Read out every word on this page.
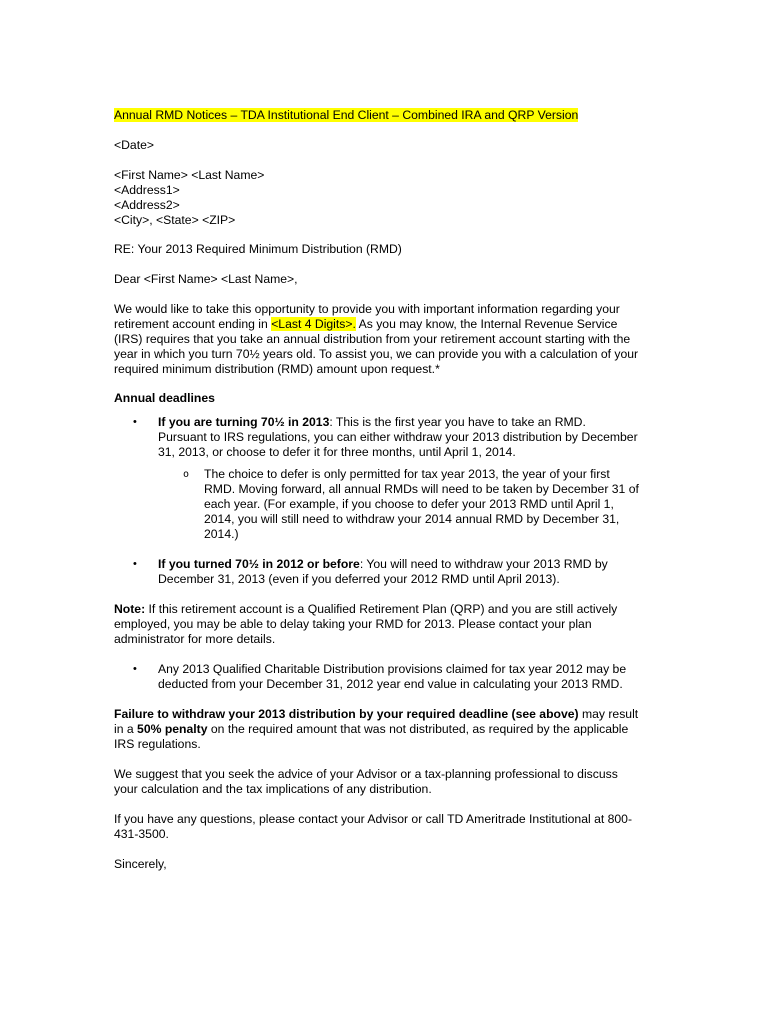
Annual RMD Notices – TDA Institutional End Client – Combined IRA and QRP Version
<Date>
<First Name> <Last Name>
<Address1>
<Address2>
<City>, <State> <ZIP>
RE: Your 2013 Required Minimum Distribution (RMD)
Dear <First Name> <Last Name>,
We would like to take this opportunity to provide you with important information regarding your
retirement account ending in <Last 4 Digits>. As you may know, the Internal Revenue Service
(IRS) requires that you take an annual distribution from your retirement account starting with the
year in which you turn 70½ years old. To assist you, we can provide you with a calculation of your
required minimum distribution (RMD) amount upon request.*
Annual deadlines
• If you are turning 70½ in 2013: This is the first year you have to take an RMD.
Pursuant to IRS regulations, you can either withdraw your 2013 distribution by December
31, 2013, or choose to defer it for three months, until April 1, 2014.
o The choice to defer is only permitted for tax year 2013, the year of your first
RMD. Moving forward, all annual RMDs will need to be taken by December 31 of
each year. (For example, if you choose to defer your 2013 RMD until April 1,
2014, you will still need to withdraw your 2014 annual RMD by December 31,
2014.)
• If you turned 70½ in 2012 or before: You will need to withdraw your 2013 RMD by
December 31, 2013 (even if you deferred your 2012 RMD until April 2013).
Note: If this retirement account is a Qualified Retirement Plan (QRP) and you are still actively
employed, you may be able to delay taking your RMD for 2013. Please contact your plan
administrator for more details.
• Any 2013 Qualified Charitable Distribution provisions claimed for tax year 2012 may be
deducted from your December 31, 2012 year end value in calculating your 2013 RMD.
Failure to withdraw your 2013 distribution by your required deadline (see above) may result
in a 50% penalty on the required amount that was not distributed, as required by the applicable
IRS regulations.
We suggest that you seek the advice of your Advisor or a tax-planning professional to discuss
your calculation and the tax implications of any distribution.
If you have any questions, please contact your Advisor or call TD Ameritrade Institutional at 800-
431-3500.
Sincerely,
